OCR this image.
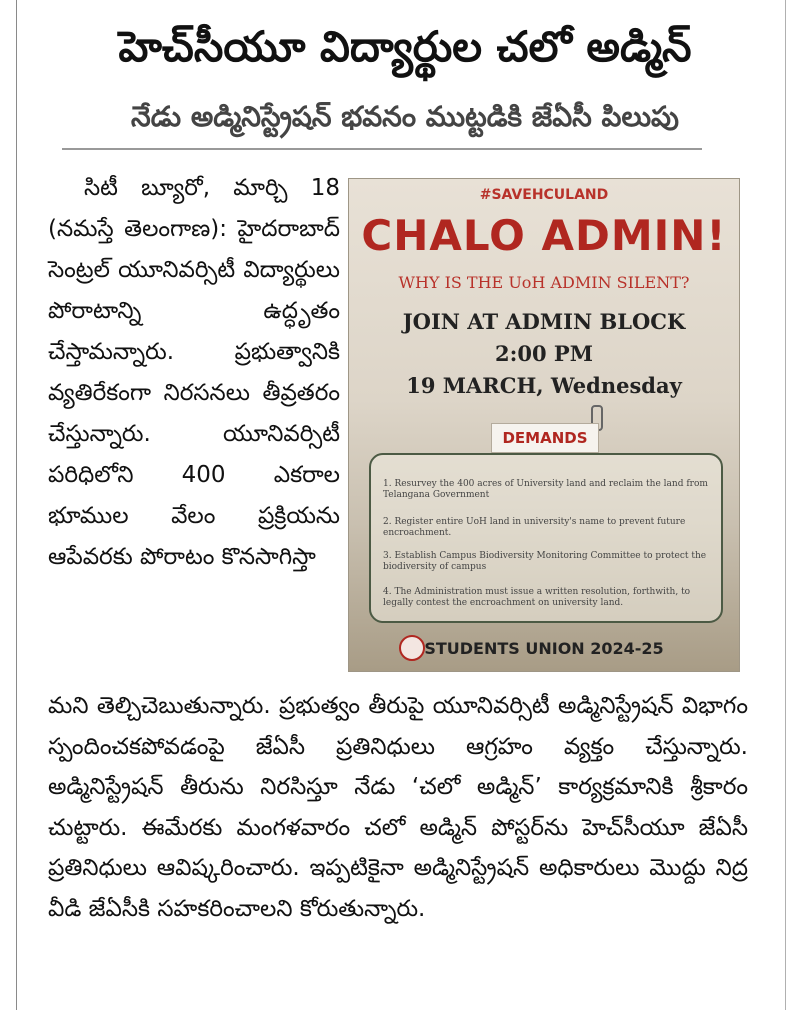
హెచ్‌సీయూ విద్యార్థుల చలో అడ్మిన్
నేడు అడ్మినిస్ట్రేషన్ భవనం ముట్టడికి జేఏసీ పిలుపు

సిటీ బ్యూరో, మార్చి 18 (నమస్తే తెలంగాణ): హైదరాబాద్ సెంట్రల్ యూనివర్సిటీ విద్యార్థులు పోరాటాన్ని ఉద్ధృతం చేస్తామన్నారు. ప్రభుత్వానికి వ్యతిరేకంగా నిరసనలు తీవ్రతరం చేస్తున్నారు. యూనివర్సిటీ పరిధిలోని 400 ఎకరాల భూముల వేలం ప్రక్రియను ఆపేవరకు పోరాటం కొనసాగిస్తా

#SAVEHCULAND
CHALO ADMIN!
WHY IS THE UoH ADMIN SILENT?
JOIN AT ADMIN BLOCK
2:00 PM
19 MARCH, Wednesday
DEMANDS
1. Resurvey the 400 acres of University land and reclaim the land from Telangana Government
2. Register entire UoH land in university's name to prevent future encroachment.
3. Establish Campus Biodiversity Monitoring Committee to protect the biodiversity of campus
4. The Administration must issue a written resolution, forthwith, to legally contest the encroachment on university land.
STUDENTS UNION 2024-25

మని తెల్చిచెబుతున్నారు. ప్రభుత్వం తీరుపై యూనివర్సిటీ అడ్మినిస్ట్రేషన్ విభాగం స్పందించకపోవడంపై జేఏసీ ప్రతినిధులు ఆగ్రహం వ్యక్తం చేస్తున్నారు. అడ్మినిస్ట్రేషన్ తీరును నిరసిస్తూ నేడు ‘చలో అడ్మిన్’ కార్యక్రమానికి శ్రీకారం చుట్టారు. ఈమేరకు మంగళవారం చలో అడ్మిన్ పోస్టర్‌ను హెచ్‌సీయూ జేఏసీ ప్రతినిధులు ఆవిష్కరించారు. ఇప్పటికైనా అడ్మినిస్ట్రేషన్ అధికారులు మొద్దు నిద్ర వీడి జేఏసీకి సహకరించాలని కోరుతున్నారు.
